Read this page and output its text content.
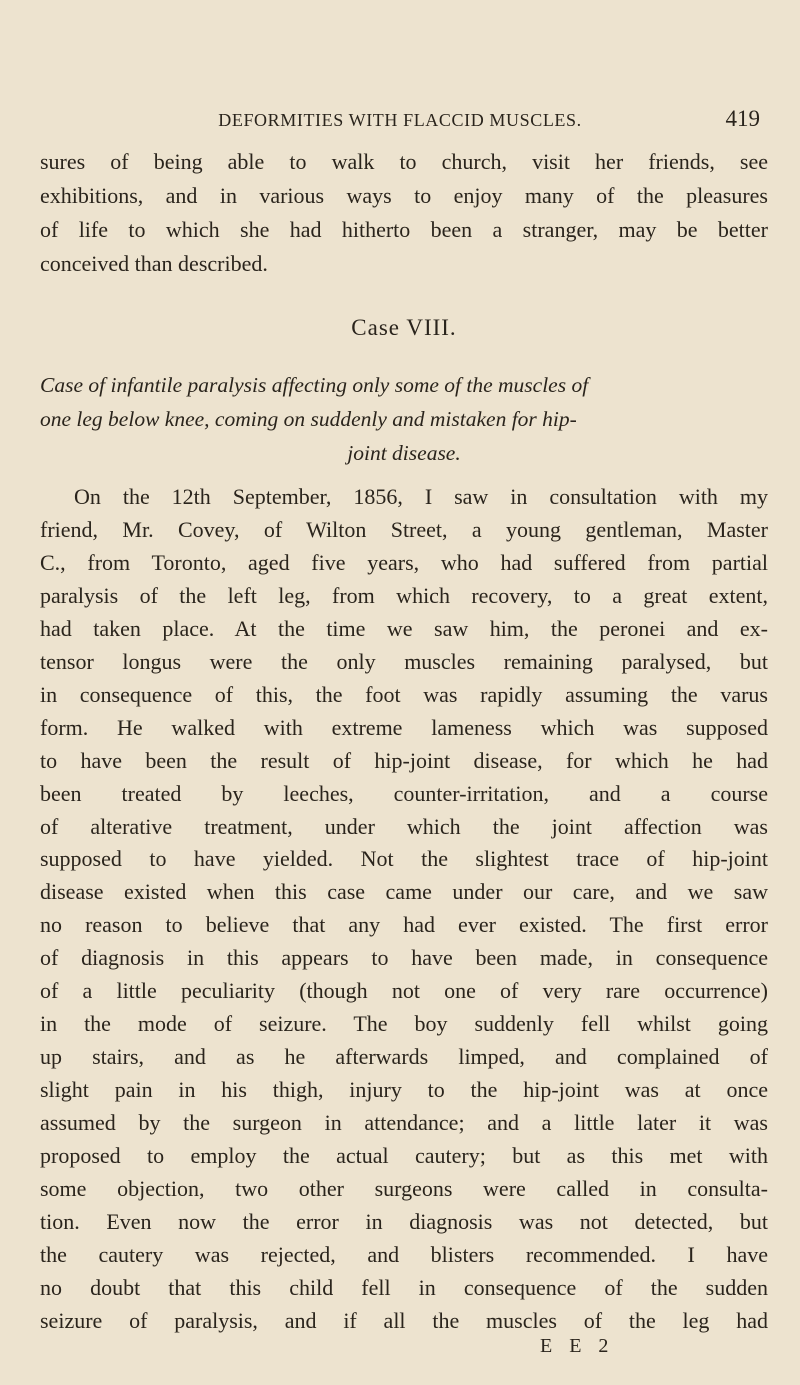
DEFORMITIES WITH FLACCID MUSCLES.	419
sures of being able to walk to church, visit her friends, see
exhibitions, and in various ways to enjoy many of the pleasures
of life to which she had hitherto been a stranger, may be better
conceived than described.
Case VIII.
Case of infantile paralysis affecting only some of the muscles of
one leg below knee, coming on suddenly and mistaken for hip-
joint disease.
On the 12th September, 1856, I saw in consultation with my
friend, Mr. Covey, of Wilton Street, a young gentleman, Master
C., from Toronto, aged five years, who had suffered from partial
paralysis of the left leg, from which recovery, to a great extent,
had taken place. At the time we saw him, the peronei and ex-
tensor longus were the only muscles remaining paralysed, but
in consequence of this, the foot was rapidly assuming the varus
form. He walked with extreme lameness which was supposed
to have been the result of hip-joint disease, for which he had
been treated by leeches, counter-irritation, and a course
of alterative treatment, under which the joint affection was
supposed to have yielded. Not the slightest trace of hip-joint
disease existed when this case came under our care, and we saw
no reason to believe that any had ever existed. The first error
of diagnosis in this appears to have been made, in consequence
of a little peculiarity (though not one of very rare occurrence)
in the mode of seizure. The boy suddenly fell whilst going
up stairs, and as he afterwards limped, and complained of
slight pain in his thigh, injury to the hip-joint was at once
assumed by the surgeon in attendance; and a little later it was
proposed to employ the actual cautery; but as this met with
some objection, two other surgeons were called in consulta-
tion. Even now the error in diagnosis was not detected, but
the cautery was rejected, and blisters recommended. I have
no doubt that this child fell in consequence of the sudden
seizure of paralysis, and if all the muscles of the leg had
E E 2
